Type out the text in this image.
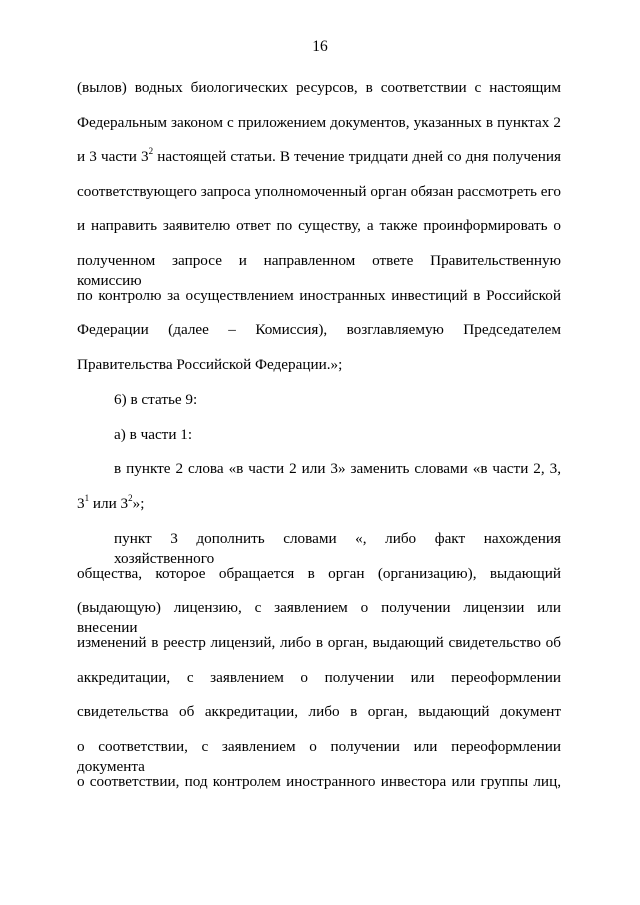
16
(вылов) водных биологических ресурсов, в соответствии с настоящим
Федеральным законом с приложением документов, указанных в пунктах 2
и 3 части $3^2$ настоящей статьи. В течение тридцати дней со дня получения
соответствующего запроса уполномоченный орган обязан рассмотреть его
и направить заявителю ответ по существу, а также проинформировать о
полученном запросе и направленном ответе Правительственную комиссию
по контролю за осуществлением иностранных инвестиций в Российской
Федерации (далее – Комиссия), возглавляемую Председателем
Правительства Российской Федерации.»;
6) в статье 9:
а) в части 1:
в пункте 2 слова «в части 2 или 3» заменить словами «в части 2, 3,
$3^1$ или $3^2$»;
пункт 3 дополнить словами «, либо факт нахождения хозяйственного
общества, которое обращается в орган (организацию), выдающий
(выдающую) лицензию, с заявлением о получении лицензии или внесении
изменений в реестр лицензий, либо в орган, выдающий свидетельство об
аккредитации, с заявлением о получении или переоформлении
свидетельства об аккредитации, либо в орган, выдающий документ
о соответствии, с заявлением о получении или переоформлении документа
о соответствии, под контролем иностранного инвестора или группы лиц,
